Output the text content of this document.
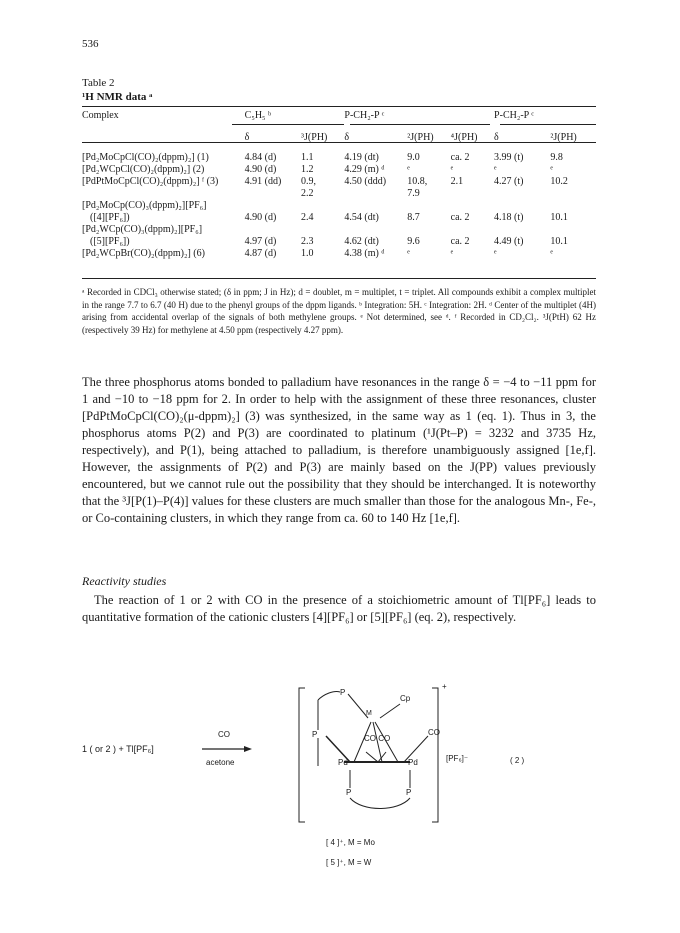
536
Table 2
¹H NMR data ᵃ
Complex	C₅H₅ ᵇ		P-CH₂-P ᶜ			P-CH₂-P ᶜ	
	δ	³J(PH)	δ	²J(PH)	⁴J(PH)	δ	²J(PH)

[Pd₂MoCpCl(CO)₂(dppm)₂] (1)	4.84 (d)	1.1	4.19 (dt)	9.0	ca. 2	3.99 (t)	9.8
[Pd₂WCpCl(CO)₂(dppm)₂] (2)	4.90 (d)	1.2	4.29 (m) ᵈ	ᵉ	ᵉ	ᵉ	ᵉ
[PdPtMoCpCl(CO)₂(dppm)₂] ᶠ (3)	4.91 (dd)	0.9,	4.50 (ddd)	10.8,	2.1	4.27 (t)	10.2
		2.2		7.9			
[Pd₂MoCp(CO)₃(dppm)₂][PF₆]							
([4][PF₆])	4.90 (d)	2.4	4.54 (dt)	8.7	ca. 2	4.18 (t)	10.1
[Pd₂WCp(CO)₃(dppm)₂][PF₆]							
([5][PF₆])	4.97 (d)	2.3	4.62 (dt)	9.6	ca. 2	4.49 (t)	10.1
[Pd₂WCpBr(CO)₂(dppm)₂] (6)	4.87 (d)	1.0	4.38 (m) ᵈ	ᵉ	ᵉ	ᵉ	ᵉ
ᵃ Recorded in CDCl₃ otherwise stated; (δ in ppm; J in Hz); d = doublet, m = multiplet, t = triplet. All compounds exhibit a complex multiplet in the range 7.7 to 6.7 (40 H) due to the phenyl groups of the dppm ligands. ᵇ Integration: 5H. ᶜ Integration: 2H. ᵈ Center of the multiplet (4H) arising from accidental overlap of the signals of both methylene groups. ᵉ Not determined, see ᵈ. ᶠ Recorded in CD₂Cl₂. ³J(PtH) 62 Hz (respectively 39 Hz) for methylene at 4.50 ppm (respectively 4.27 ppm).

The three phosphorus atoms bonded to palladium have resonances in the range δ = −4 to −11 ppm for 1 and −10 to −18 ppm for 2. In order to help with the assignment of these three resonances, cluster [PdPtMoCpCl(CO)₂(μ-dppm)₂] (3) was synthesized, in the same way as 1 (eq. 1). Thus in 3, the phosphorus atoms P(2) and P(3) are coordinated to platinum (¹J(Pt–P) = 3232 and 3735 Hz, respectively), and P(1), being attached to palladium, is therefore unambiguously assigned [1e,f]. However, the assignments of P(2) and P(3) are mainly based on the J(PP) values previously encountered, but we cannot rule out the possibility that they should be interchanged. It is noteworthy that the ³J[P(1)–P(4)] values for these clusters are much smaller than those for the analogous Mn-, Fe-, or Co-containing clusters, in which they range from ca. 60 to 140 Hz [1e,f].

Reactivity studies

The reaction of 1 or 2 with CO in the presence of a stoichiometric amount of Tl[PF₆] leads to quantitative formation of the cationic clusters [4][PF₆] or [5][PF₆] (eq. 2), respectively.

1 ( or 2 ) + Tl[PF₆]
CO
acetone
P
Cp
M
P	CO CO
CO
Pd	Pd
P	P
+
[PF₆]⁻	( 2 )
[ 4 ]⁺, M = Mo
[ 5 ]⁺, M = W
